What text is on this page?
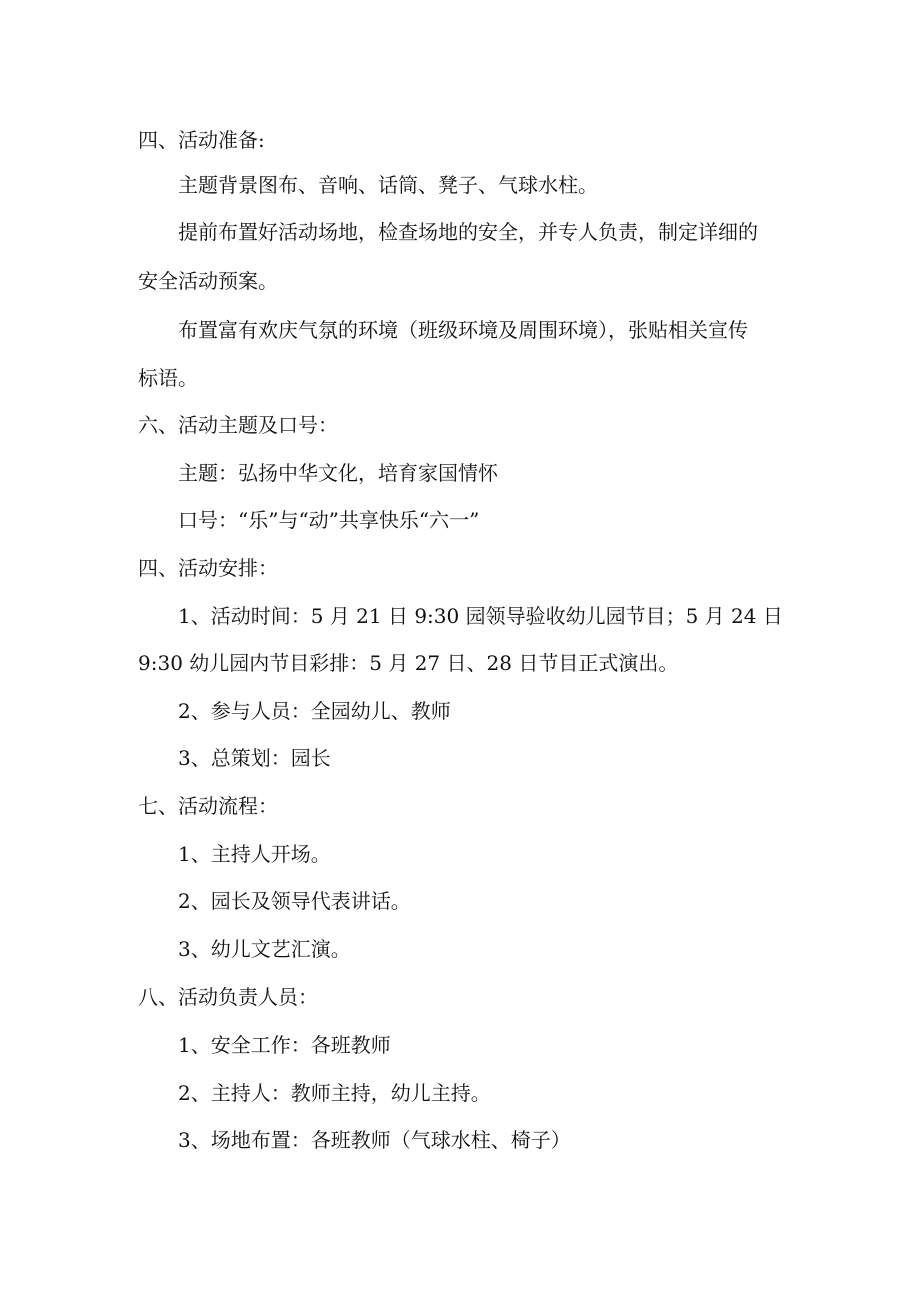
四、活动准备:
主题背景图布、音响、话筒、凳子、气球水柱。
提前布置好活动场地，检查场地的安全，并专人负责，制定详细的
安全活动预案。
布置富有欢庆气氛的环境（班级环境及周围环境），张贴相关宣传
标语。
六、活动主题及口号：
主题：弘扬中华文化，培育家国情怀
口号：“乐”与“动”共享快乐“六一”
四、活动安排：
1、活动时间：5 月 21 日 9:30 园领导验收幼儿园节目；5 月 24 日
9:30 幼儿园内节目彩排：5 月 27 日、28 日节目正式演出。
2、参与人员：全园幼儿、教师
3、总策划：园长
七、活动流程：
1、主持人开场。
2、园长及领导代表讲话。
3、幼儿文艺汇演。
八、活动负责人员：
1、安全工作：各班教师
2、主持人：教师主持，幼儿主持。
3、场地布置：各班教师（气球水柱、椅子）
